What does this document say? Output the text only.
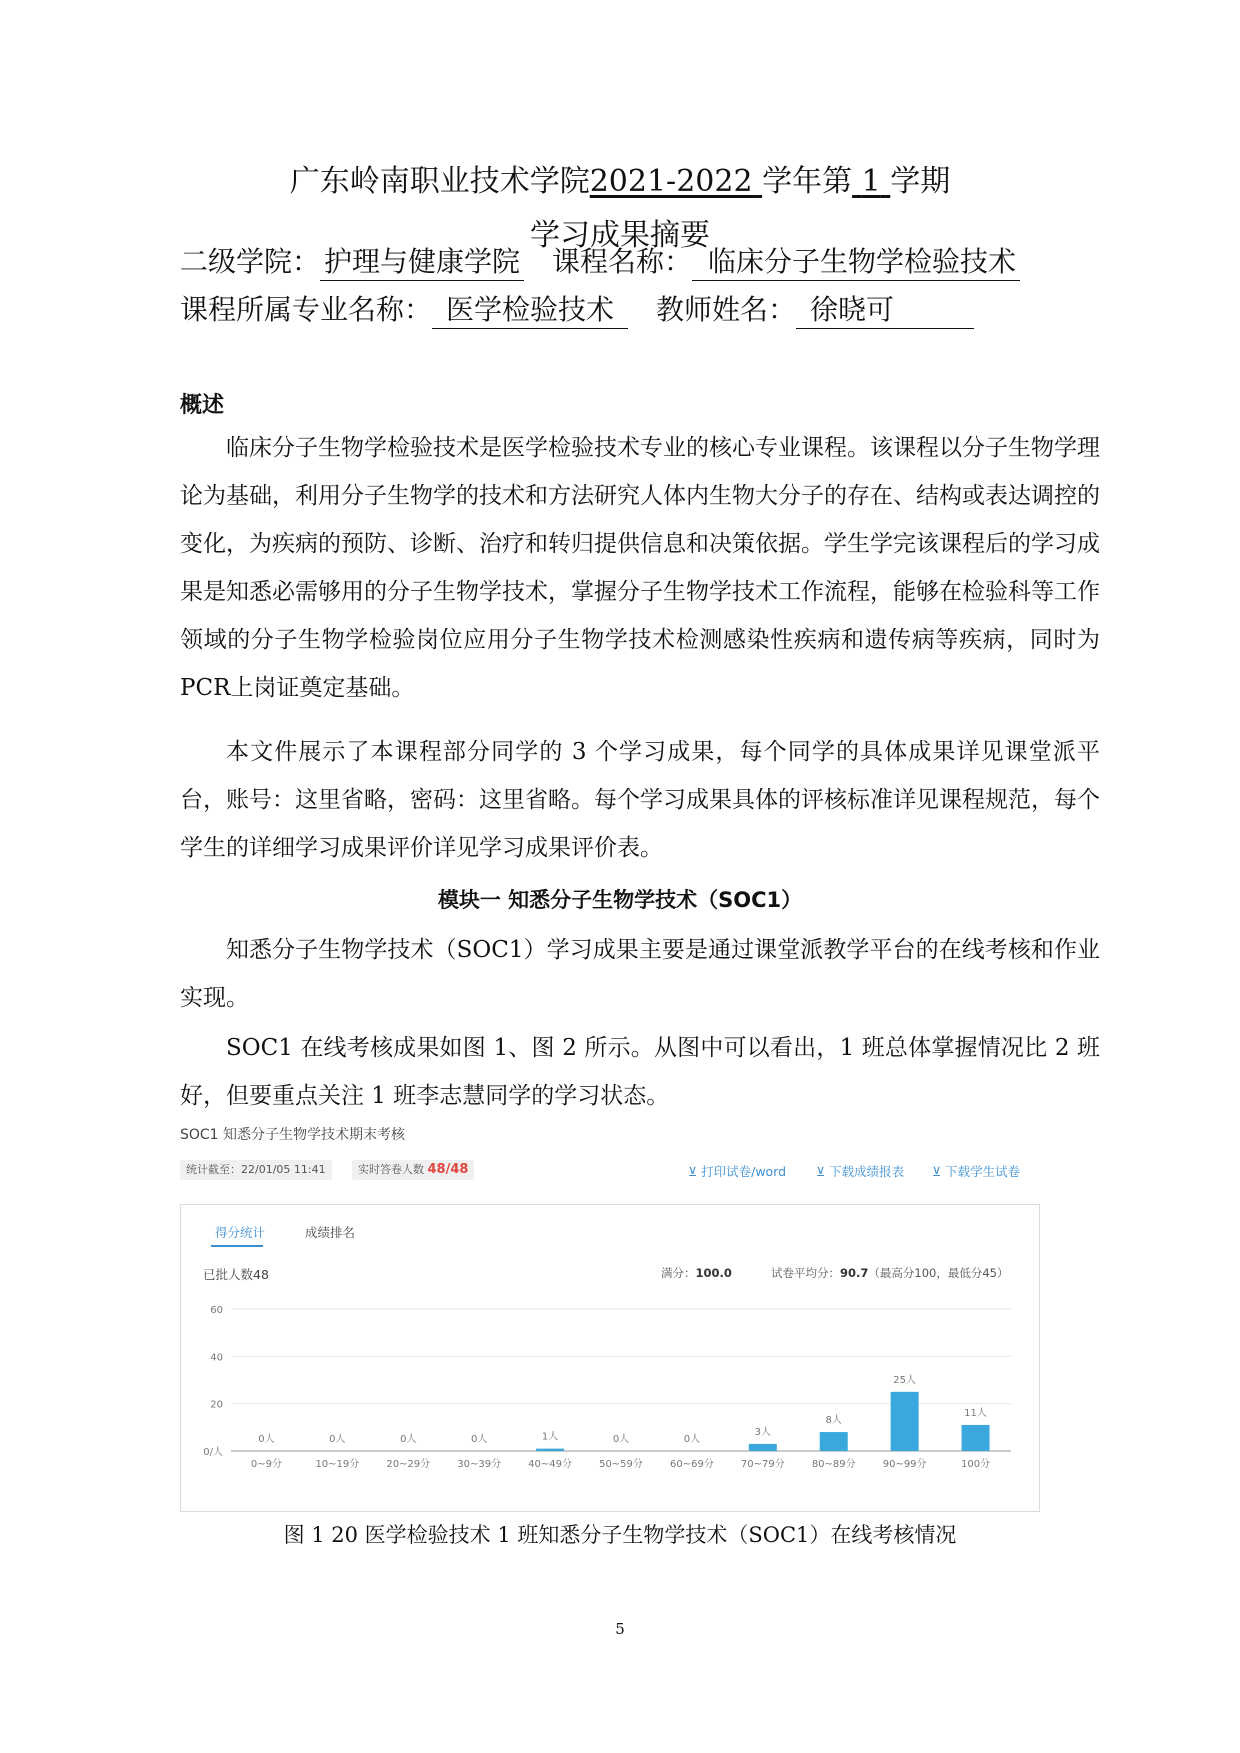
广东岭南职业技术学院2021-2022 学年第 1 学期
学习成果摘要
二级学院： 护理与健康学院 课程名称： 临床分子生物学检验技术
课程所属专业名称： 医学检验技术 教师姓名： 徐晓可
概述

临床分子生物学检验技术是医学检验技术专业的核心专业课程。该课程以分子生物学理论为基础，利用分子生物学的技术和方法研究人体内生物大分子的存在、结构或表达调控的变化，为疾病的预防、诊断、治疗和转归提供信息和决策依据。学生学完该课程后的学习成果是知悉必需够用的分子生物学技术，掌握分子生物学技术工作流程，能够在检验科等工作领域的分子生物学检验岗位应用分子生物学技术检测感染性疾病和遗传病等疾病，同时为PCR上岗证奠定基础。

本文件展示了本课程部分同学的 3 个学习成果，每个同学的具体成果详见课堂派平台，账号：这里省略，密码：这里省略。每个学习成果具体的评核标准详见课程规范，每个学生的详细学习成果评价详见学习成果评价表。

模块一 知悉分子生物学技术（SOC1）

知悉分子生物学技术（SOC1）学习成果主要是通过课堂派教学平台的在线考核和作业实现。

SOC1 在线考核成果如图 1、图 2 所示。从图中可以看出，1 班总体掌握情况比 2 班好，但要重点关注 1 班李志慧同学的学习状态。

SOC1 知悉分子生物学技术期末考核
统计截至：22/01/05 11:41	实时答卷人数 48/48	⊻ 打印试卷/word ⊻ 下载成绩报表 ⊻ 下载学生试卷
得分统计	成绩排名
已批人数48	满分：100.0	试卷平均分：90.7（最高分100，最低分45）
0/人
20
40
60
0人
0~9分
0人
10~19分
0人
20~29分
0人
30~39分
1人
40~49分
0人
50~59分
0人
60~69分
3人
70~79分
8人
80~89分
25人
90~99分
11人
100分
图 1 20 医学检验技术 1 班知悉分子生物学技术（SOC1）在线考核情况
5
